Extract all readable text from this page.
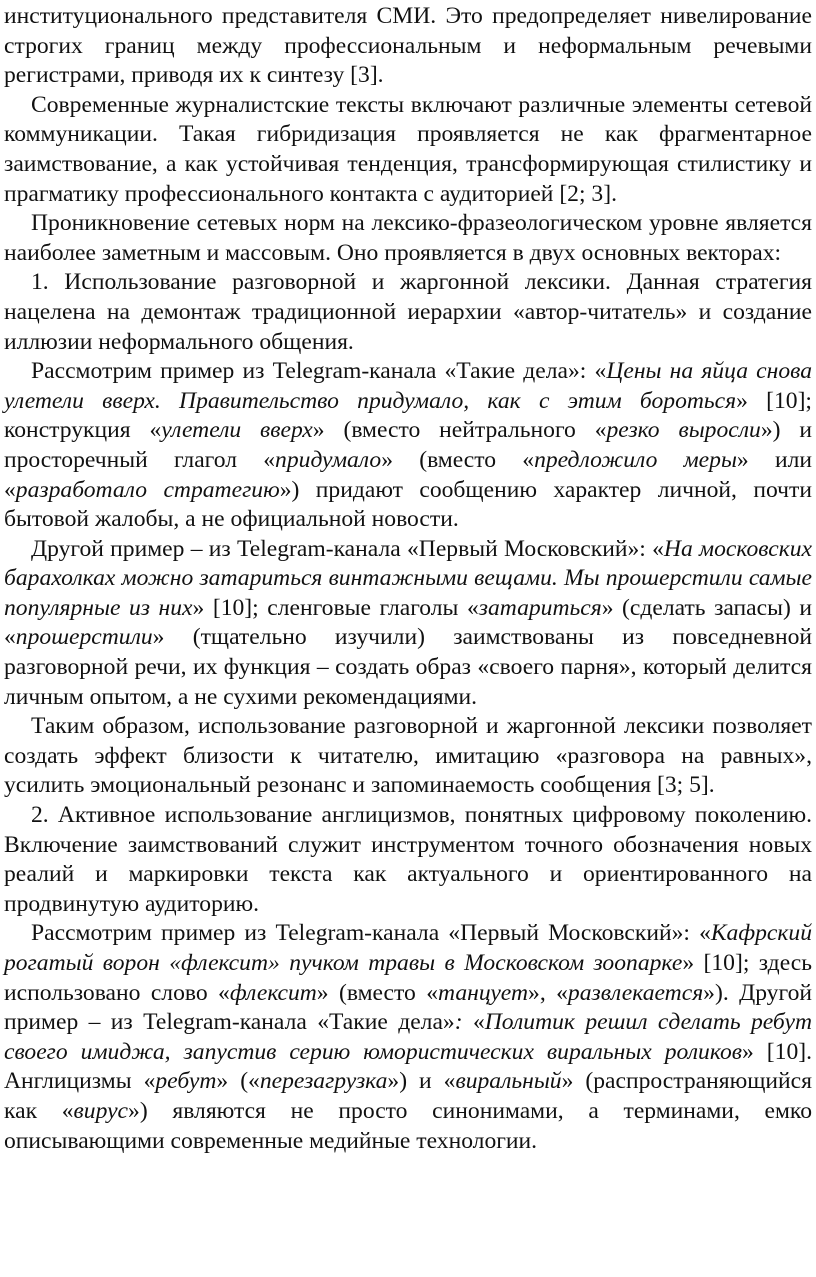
институционального представителя СМИ. Это предопределяет нивелирование строгих границ между профессиональным и неформальным речевыми регистрами, приводя их к синтезу [3].

Современные журналистские тексты включают различные элементы сетевой коммуникации. Такая гибридизация проявляется не как фрагментарное заимствование, а как устойчивая тенденция, трансформирующая стилистику и прагматику профессионального контакта с аудиторией [2; 3].

Проникновение сетевых норм на лексико-фразеологическом уровне является наиболее заметным и массовым. Оно проявляется в двух основных векторах:

1. Использование разговорной и жаргонной лексики. Данная стратегия нацелена на демонтаж традиционной иерархии «автор-читатель» и создание иллюзии неформального общения.

Рассмотрим пример из Telegram-канала «Такие дела»: «Цены на яйца снова улетели вверх. Правительство придумало, как с этим бороться» [10]; конструкция «улетели вверх» (вместо нейтрального «резко выросли») и просторечный глагол «придумало» (вместо «предложило меры» или «разработало стратегию») придают сообщению характер личной, почти бытовой жалобы, а не официальной новости.

Другой пример – из Telegram-канала «Первый Московский»: «На московских барахолках можно затариться винтажными вещами. Мы прошерстили самые популярные из них» [10]; сленговые глаголы «затариться» (сделать запасы) и «прошерстили» (тщательно изучили) заимствованы из повседневной разговорной речи, их функция – создать образ «своего парня», который делится личным опытом, а не сухими рекомендациями.

Таким образом, использование разговорной и жаргонной лексики позволяет создать эффект близости к читателю, имитацию «разговора на равных», усилить эмоциональный резонанс и запоминаемость сообщения [3; 5].

2. Активное использование англицизмов, понятных цифровому поколению. Включение заимствований служит инструментом точного обозначения новых реалий и маркировки текста как актуального и ориентированного на продвинутую аудиторию.

Рассмотрим пример из Telegram-канала «Первый Московский»: «Кафрский рогатый ворон «флексит» пучком травы в Московском зоопарке» [10]; здесь использовано слово «флексит» (вместо «танцует», «развлекается»). Другой пример – из Telegram-канала «Такие дела»: «Политик решил сделать ребут своего имиджа, запустив серию юмористических виральных роликов» [10]. Англицизмы «ребут» («перезагрузка») и «виральный» (распространяющийся как «вирус») являются не просто синонимами, а терминами, емко описывающими современные медийные технологии.
